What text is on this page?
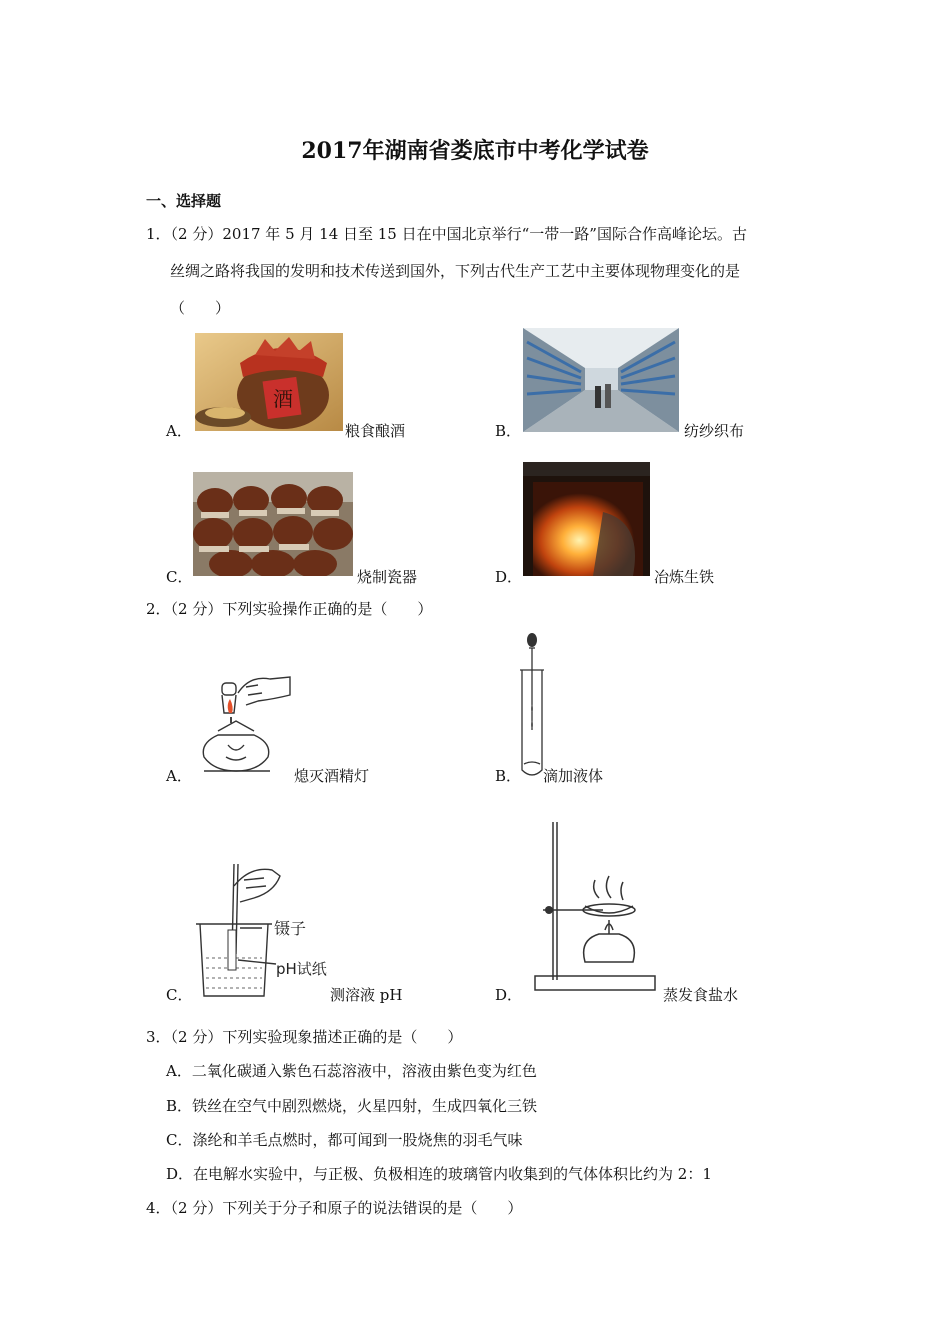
2017年湖南省娄底市中考化学试卷
一、选择题
1．（2 分）2017 年 5 月 14 日至 15 日在中国北京举行“一带一路”国际合作高峰论坛。古
丝绸之路将我国的发明和技术传送到国外，下列古代生产工艺中主要体现物理变化的是
（　　）
A．
酒
粮食酿酒	B．	纺纱织布
C．	烧制瓷器	D．	冶炼生铁
2．（2 分）下列实验操作正确的是（　　）
A．	熄灭酒精灯	B． 滴加液体
C．
镊子
pH试纸
测溶液 pH	D．	蒸发食盐水
3．（2 分）下列实验现象描述正确的是（　　）
A．二氧化碳通入紫色石蕊溶液中，溶液由紫色变为红色
B．铁丝在空气中剧烈燃烧，火星四射，生成四氧化三铁
C．涤纶和羊毛点燃时，都可闻到一股烧焦的羽毛气味
D．在电解水实验中，与正极、负极相连的玻璃管内收集到的气体体积比约为 2：1
4．（2 分）下列关于分子和原子的说法错误的是（　　）
